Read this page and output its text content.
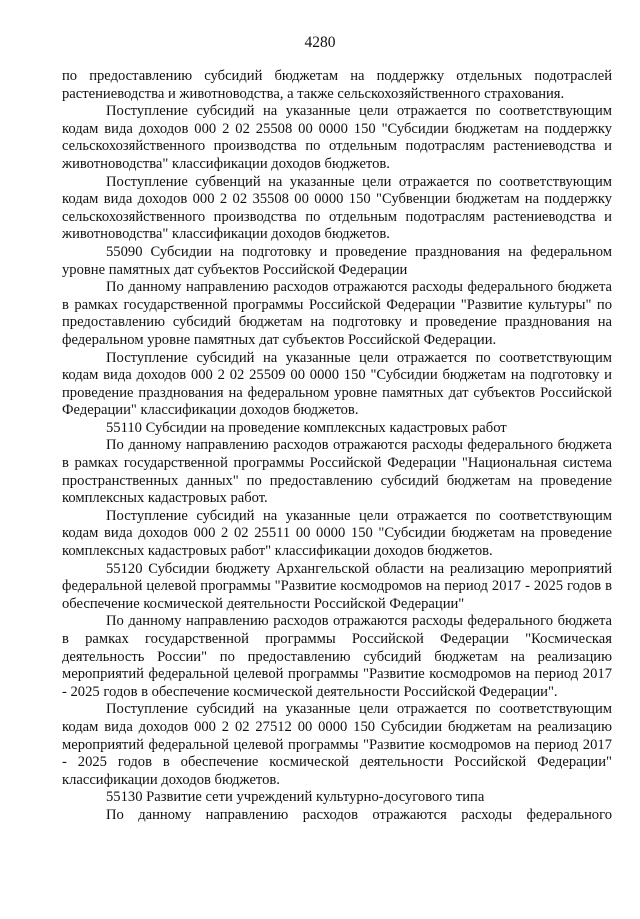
4280

по предоставлению субсидий бюджетам на поддержку отдельных подотраслей растениеводства и животноводства, а также сельскохозяйственного страхования.

Поступление субсидий на указанные цели отражается по соответствующим кодам вида доходов 000 2 02 25508 00 0000 150 "Субсидии бюджетам на поддержку сельскохозяйственного производства по отдельным подотраслям растениеводства и животноводства" классификации доходов бюджетов.

Поступление субвенций на указанные цели отражается по соответствующим кодам вида доходов 000 2 02 35508 00 0000 150 "Субвенции бюджетам на поддержку сельскохозяйственного производства по отдельным подотраслям растениеводства и животноводства" классификации доходов бюджетов.

55090 Субсидии на подготовку и проведение празднования на федеральном уровне памятных дат субъектов Российской Федерации

По данному направлению расходов отражаются расходы федерального бюджета в рамках государственной программы Российской Федерации "Развитие культуры" по предоставлению субсидий бюджетам на подготовку и проведение празднования на федеральном уровне памятных дат субъектов Российской Федерации.

Поступление субсидий на указанные цели отражается по соответствующим кодам вида доходов 000 2 02 25509 00 0000 150 "Субсидии бюджетам на подготовку и проведение празднования на федеральном уровне памятных дат субъектов Российской Федерации" классификации доходов бюджетов.

55110 Субсидии на проведение комплексных кадастровых работ

По данному направлению расходов отражаются расходы федерального бюджета в рамках государственной программы Российской Федерации "Национальная система пространственных данных" по предоставлению субсидий бюджетам на проведение комплексных кадастровых работ.

Поступление субсидий на указанные цели отражается по соответствующим кодам вида доходов 000 2 02 25511 00 0000 150 "Субсидии бюджетам на проведение комплексных кадастровых работ" классификации доходов бюджетов.

55120 Субсидии бюджету Архангельской области на реализацию мероприятий федеральной целевой программы "Развитие космодромов на период 2017 - 2025 годов в обеспечение космической деятельности Российской Федерации"

По данному направлению расходов отражаются расходы федерального бюджета в рамках государственной программы Российской Федерации "Космическая деятельность России" по предоставлению субсидий бюджетам на реализацию мероприятий федеральной целевой программы "Развитие космодромов на период 2017 - 2025 годов в обеспечение космической деятельности Российской Федерации".

Поступление субсидий на указанные цели отражается по соответствующим кодам вида доходов 000 2 02 27512 00 0000 150 Субсидии бюджетам на реализацию мероприятий федеральной целевой программы "Развитие космодромов на период 2017 - 2025 годов в обеспечение космической деятельности Российской Федерации" классификации доходов бюджетов.

55130 Развитие сети учреждений культурно-досугового типа

По данному направлению расходов отражаются расходы федерального
